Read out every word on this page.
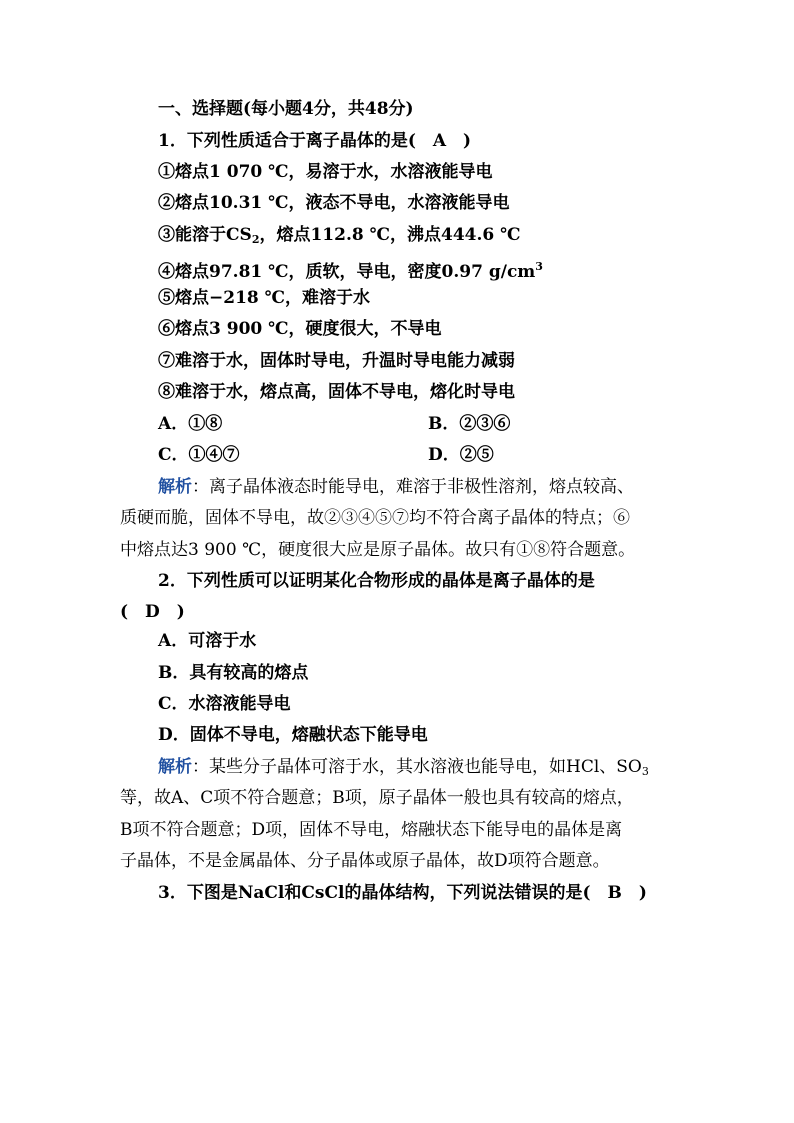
一、选择题(每小题4分，共48分)
1．下列性质适合于离子晶体的是(　A　)
①熔点1 070 ℃，易溶于水，水溶液能导电
②熔点10.31 ℃，液态不导电，水溶液能导电
③能溶于$CS_2$，熔点112.8 ℃，沸点444.6 ℃
④熔点97.81 ℃，质软，导电，密度0.97 $g/cm^3$
⑤熔点−218 ℃，难溶于水
⑥熔点3 900 ℃，硬度很大，不导电
⑦难溶于水，固体时导电，升温时导电能力减弱
⑧难溶于水，熔点高，固体不导电，熔化时导电
A．①⑧	B．②③⑥
C．①④⑦	D．②⑤
解析：离子晶体液态时能导电，难溶于非极性溶剂，熔点较高、
质硬而脆，固体不导电，故②③④⑤⑦均不符合离子晶体的特点；⑥
中熔点达3 900 ℃，硬度很大应是原子晶体。故只有①⑧符合题意。
2．下列性质可以证明某化合物形成的晶体是离子晶体的是
(　D　)
A．可溶于水
B．具有较高的熔点
C．水溶液能导电
D．固体不导电，熔融状态下能导电
解析：某些分子晶体可溶于水，其水溶液也能导电，如HCl、$SO_3$
等，故A、C项不符合题意；B项，原子晶体一般也具有较高的熔点，
B项不符合题意；D项，固体不导电，熔融状态下能导电的晶体是离
子晶体，不是金属晶体、分子晶体或原子晶体，故D项符合题意。
3．下图是NaCl和CsCl的晶体结构，下列说法错误的是(　B　)
